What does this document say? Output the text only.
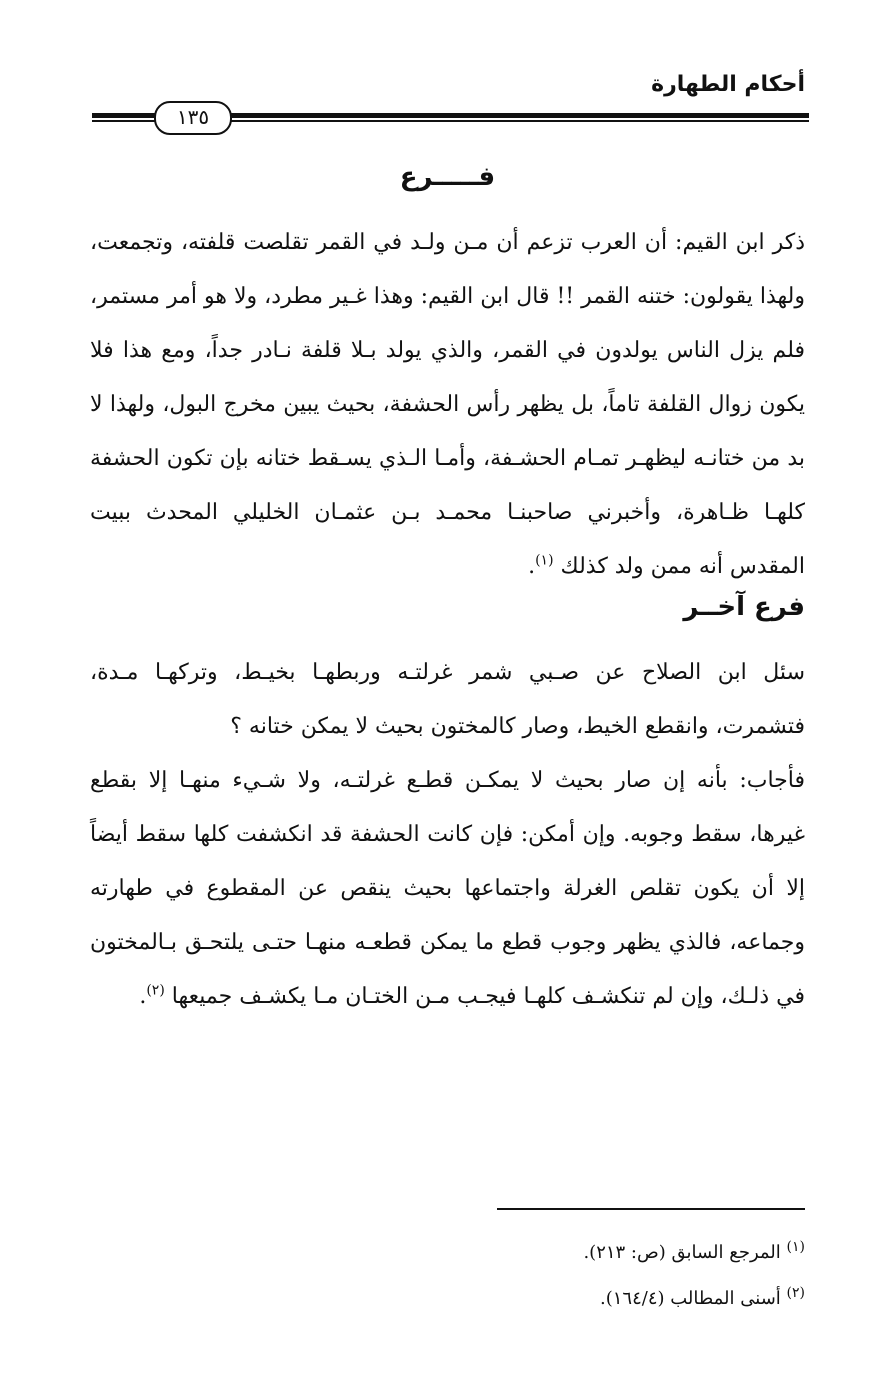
أحكام الطهارة
١٣٥
فـــــرع

ذكر ابن القيم: أن العرب تزعم أن مـن ولـد في القمر تقلصت قلفته، وتجمعت، ولهذا يقولون: ختنه القمر !! قال ابن القيم: وهذا غـير مطرد، ولا هو أمر مستمر، فلم يزل الناس يولدون في القمر، والذي يولد بـلا قلفة نـادر جداً، ومع هذا فلا يكون زوال القلفة تاماً، بل يظهر رأس الحشفة، بحيث يبين مخرج البول، ولهذا لا بد من ختانـه ليظهـر تمـام الحشـفة، وأمـا الـذي يسـقط ختانه بإن تكون الحشفة كلهـا ظـاهرة، وأخبرني صاحبنـا محمـد بـن عثمـان الخليلي المحدث ببيت المقدس أنه ممن ولد كذلك $^{(١)}$.

فرع آخــر

سئل ابن الصلاح عن صـبي شمر غرلتـه وربطهـا بخيـط، وتركهـا مـدة، فتشمرت، وانقطع الخيط، وصار كالمختون بحيث لا يمكن ختانه ؟

فأجاب: بأنه إن صار بحيث لا يمكـن قطـع غرلتـه، ولا شـيء منهـا إلا بقطع غيرها، سقط وجوبه. وإن أمكن: فإن كانت الحشفة قد انكشفت كلها سقط أيضاً إلا أن يكون تقلص الغرلة واجتماعها بحيث ينقص عن المقطوع في طهارته وجماعه، فالذي يظهر وجوب قطع ما يمكن قطعـه منهـا حتـى يلتحـق بـالمختون في ذلـك، وإن لم تنكشـف كلهـا فيجـب مـن الختـان مـا يكشـف جميعها $^{(٢)}$.

$^{(١)}$ المرجع السابق (ص: ٢١٣).
$^{(٢)}$ أسنى المطالب (١٦٤/٤).
